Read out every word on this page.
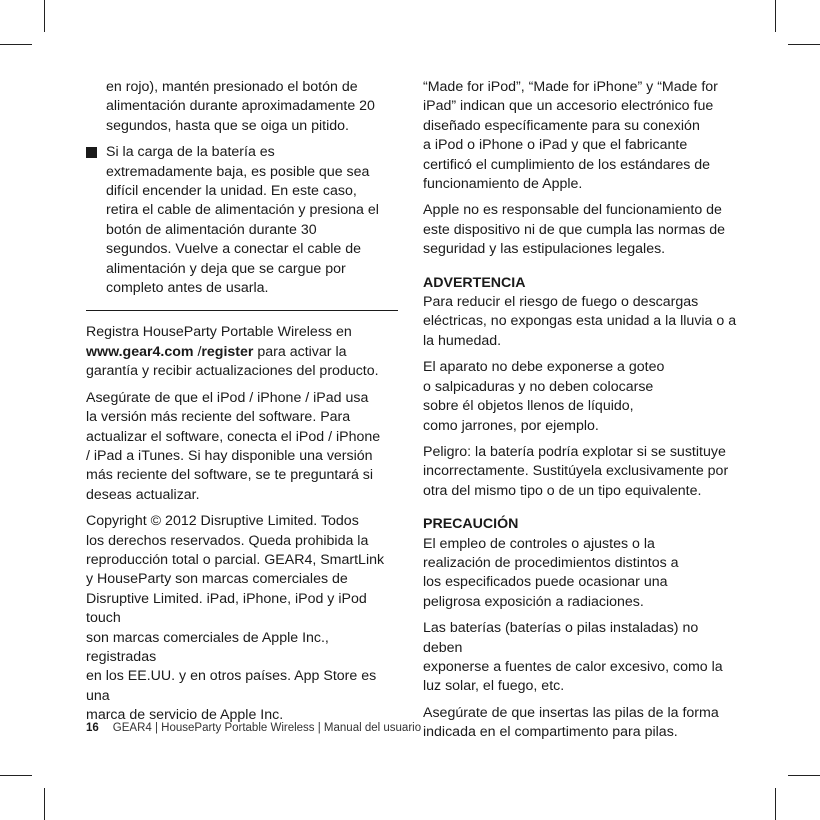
en rojo), mantén presionado el botón de
alimentación durante aproximadamente 20
segundos, hasta que se oiga un pitido.

Si la carga de la batería es
extremadamente baja, es posible que sea
difícil encender la unidad. En este caso,
retira el cable de alimentación y presiona el
botón de alimentación durante 30
segundos. Vuelve a conectar el cable de
alimentación y deja que se cargue por
completo antes de usarla.

Registra HouseParty Portable Wireless en
www.gear4.com /register para activar la
garantía y recibir actualizaciones del producto.

Asegúrate de que el iPod / iPhone / iPad usa
la versión más reciente del software. Para
actualizar el software, conecta el iPod / iPhone
/ iPad a iTunes. Si hay disponible una versión
más reciente del software, se te preguntará si
deseas actualizar.

Copyright © 2012 Disruptive Limited. Todos
los derechos reservados. Queda prohibida la
reproducción total o parcial. GEAR4, SmartLink
y HouseParty son marcas comerciales de
Disruptive Limited. iPad, iPhone, iPod y iPod touch
son marcas comerciales de Apple Inc., registradas
en los EE.UU. y en otros países. App Store es una
marca de servicio de Apple Inc.

“Made for iPod”, “Made for iPhone” y “Made for
iPad” indican que un accesorio electrónico fue
diseñado específicamente para su conexión
a iPod o iPhone o iPad y que el fabricante
certificó el cumplimiento de los estándares de
funcionamiento de Apple.

Apple no es responsable del funcionamiento de
este dispositivo ni de que cumpla las normas de
seguridad y las estipulaciones legales.

ADVERTENCIA
Para reducir el riesgo de fuego o descargas
eléctricas, no expongas esta unidad a la lluvia o a
la humedad.

El aparato no debe exponerse a goteo
o salpicaduras y no deben colocarse
sobre él objetos llenos de líquido,
como jarrones, por ejemplo.

Peligro: la batería podría explotar si se sustituye
incorrectamente. Sustitúyela exclusivamente por
otra del mismo tipo o de un tipo equivalente.

PRECAUCIÓN
El empleo de controles o ajustes o la
realización de procedimientos distintos a
los especificados puede ocasionar una
peligrosa exposición a radiaciones.

Las baterías (baterías o pilas instaladas) no deben
exponerse a fuentes de calor excesivo, como la
luz solar, el fuego, etc.

Asegúrate de que insertas las pilas de la forma
indicada en el compartimento para pilas.

16 GEAR4 | HouseParty Portable Wireless | Manual del usuario
